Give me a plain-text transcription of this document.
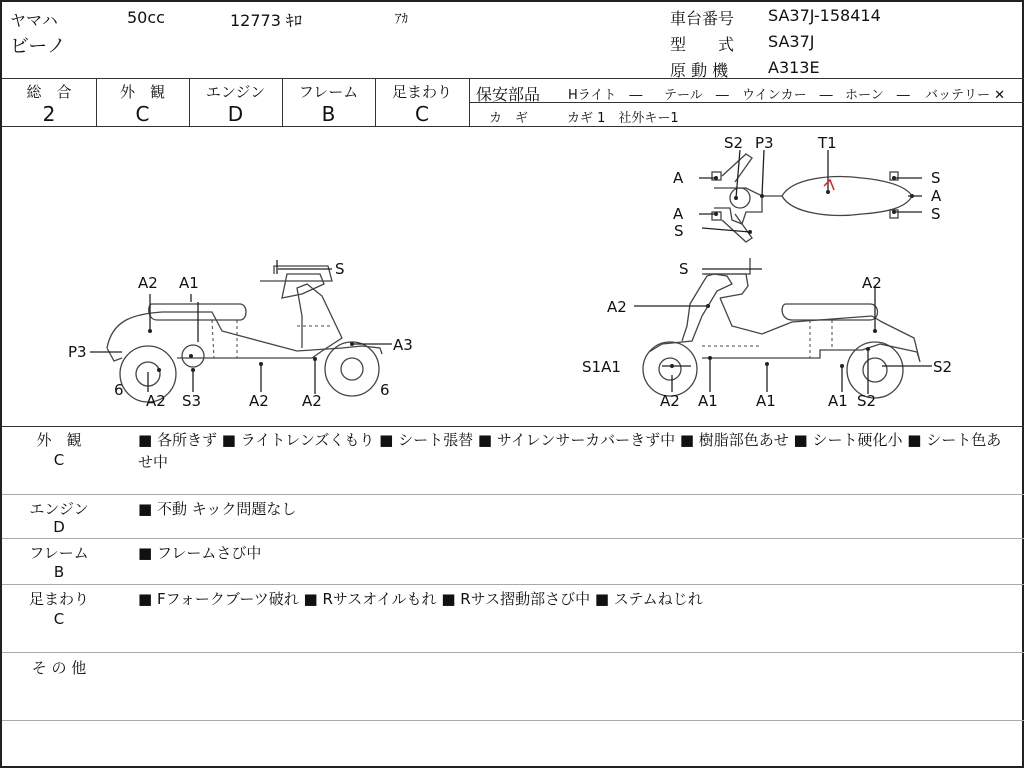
ヤマハ	50cc	12773 ｷﾛ	ｱｶ
ビーノ
車台番号 SA37J-158414
型　　式 SA37J
原 動 機 A313E
総　合
2
外　観
C
エンジン
D
フレーム
B
足まわり
C
保安部品 Hライト　― テール　― ウインカー　― ホーン　― バッテリー ✕
カ　ギ	カギ 1　社外キー1
A2 A1
S
A3
P3
6	6
A2 S3	A2 A2
S
A2
A2
S1A1	S2
A2 A1	A1	A1 S2
S2 P3	T1
A
A
S
S
A
S
外　観
C
■ 各所きず ■ ライトレンズくもり ■ シート張替 ■ サイレンサーカバーきず中 ■ 樹脂部色あせ ■ シート硬化小 ■ シート色あせ中
エンジン
D
■ 不動 キック問題なし
フレーム
B
■ フレームさび中
足まわり
C
■ Fフォークブーツ破れ ■ Rサスオイルもれ ■ Rサス摺動部さび中 ■ ステムねじれ
そ の 他
